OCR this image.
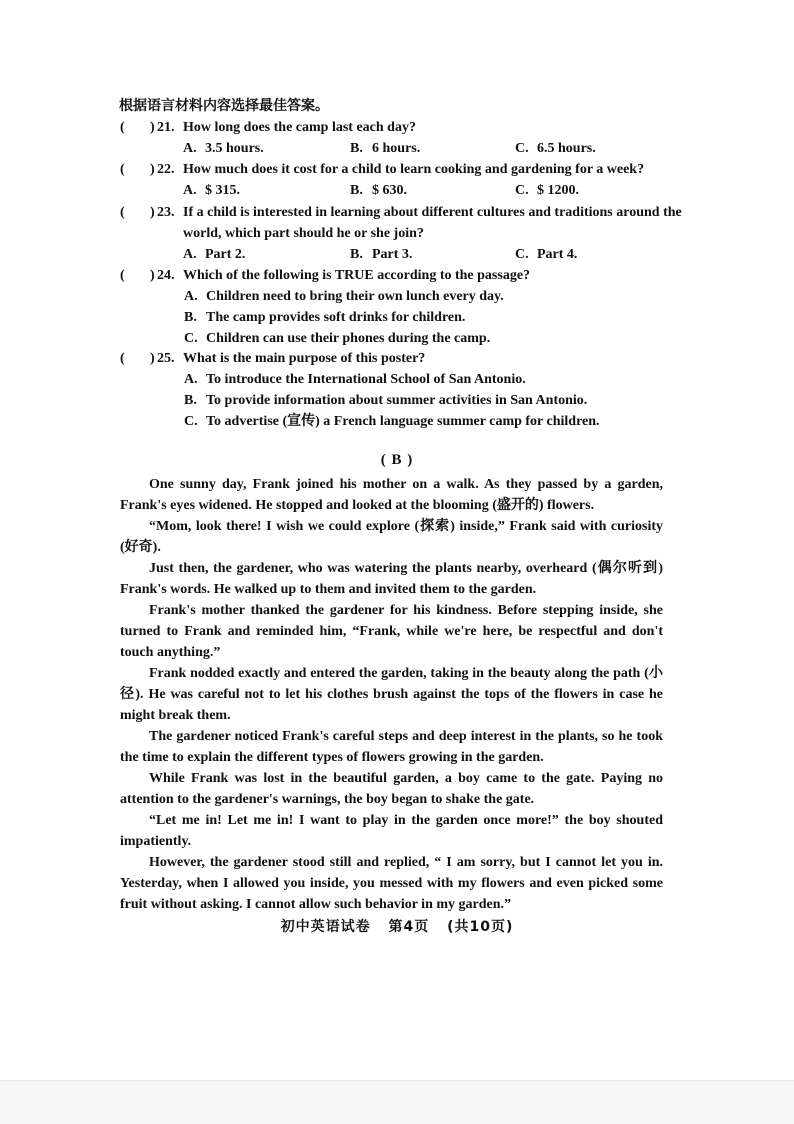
根据语言材料内容选择最佳答案。
( ) 21. How long does the camp last each day?
A. 3.5 hours.	B. 6 hours.	C. 6.5 hours.
( ) 22. How much does it cost for a child to learn cooking and gardening for a week?
A. $ 315.	B. $ 630.	C. $ 1200.
( ) 23. If a child is interested in learning about different cultures and traditions around the
world, which part should he or she join?
A. Part 2.	B. Part 3.	C. Part 4.
( ) 24. Which of the following is TRUE according to the passage?
A. Children need to bring their own lunch every day.
B. The camp provides soft drinks for children.
C. Children can use their phones during the camp.
( ) 25. What is the main purpose of this poster?
A. To introduce the International School of San Antonio.
B. To provide information about summer activities in San Antonio.
C. To advertise (宣传) a French language summer camp for children.
( B )

One sunny day, Frank joined his mother on a walk. As they passed by a garden, Frank's eyes widened. He stopped and looked at the blooming (盛开的) flowers.

“Mom, look there! I wish we could explore (探索) inside,” Frank said with curiosity (好奇).

Just then, the gardener, who was watering the plants nearby, overheard (偶尔听到) Frank's words. He walked up to them and invited them to the garden.

Frank's mother thanked the gardener for his kindness. Before stepping inside, she turned to Frank and reminded him, “Frank, while we're here, be respectful and don't touch anything.”

Frank nodded exactly and entered the garden, taking in the beauty along the path (小径). He was careful not to let his clothes brush against the tops of the flowers in case he might break them.

The gardener noticed Frank's careful steps and deep interest in the plants, so he took the time to explain the different types of flowers growing in the garden.

While Frank was lost in the beautiful garden, a boy came to the gate. Paying no attention to the gardener's warnings, the boy began to shake the gate.

“Let me in! Let me in! I want to play in the garden once more!” the boy shouted impatiently.

However, the gardener stood still and replied, “ I am sorry, but I cannot let you in. Yesterday, when I allowed you inside, you messed with my flowers and even picked some fruit without asking. I cannot allow such behavior in my garden.”

初中英语试卷 第4页 (共10页)
